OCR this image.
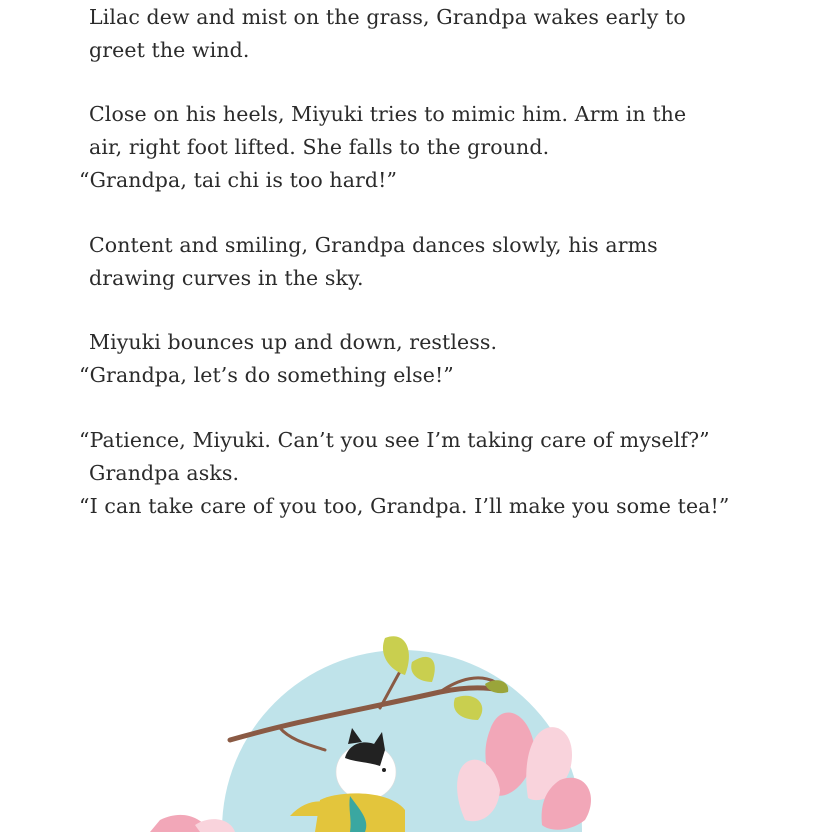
Lilac dew and mist on the grass, Grandpa wakes early to
greet the wind.
Close on his heels, Miyuki tries to mimic him. Arm in the
air, right foot lifted. She falls to the ground.
“Grandpa, tai chi is too hard!”
Content and smiling, Grandpa dances slowly, his arms
drawing curves in the sky.
Miyuki bounces up and down, restless.
“Grandpa, let’s do something else!”
“Patience, Miyuki. Can’t you see I’m taking care of myself?”
Grandpa asks.
“I can take care of you too, Grandpa. I’ll make you some tea!”
